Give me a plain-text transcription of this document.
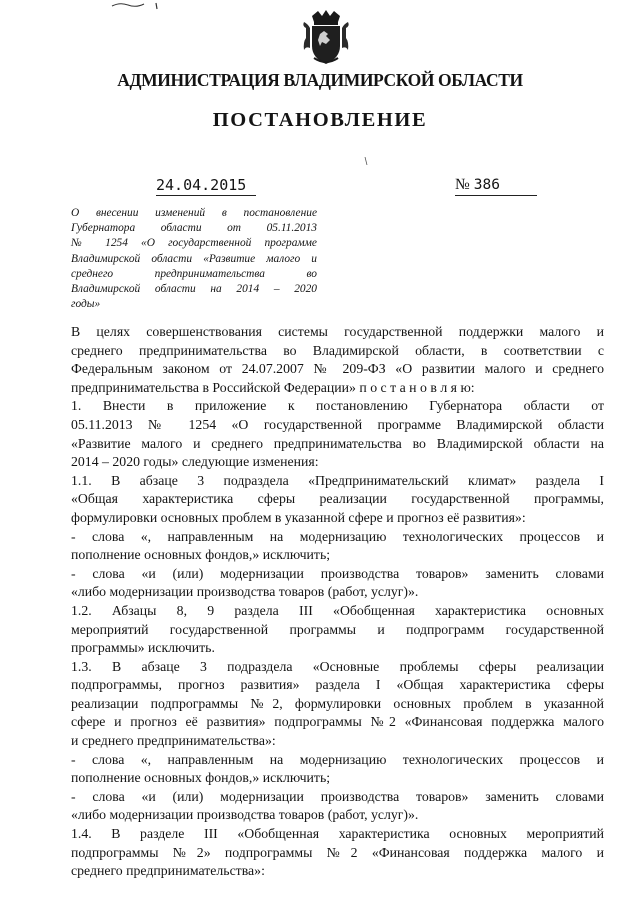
АДМИНИСТРАЦИЯ ВЛАДИМИРСКОЙ ОБЛАСТИ
ПОСТАНОВЛЕНИЕ
24.04.2015	№ 386
О внесении изменений в постановление
Губернатора области от 05.11.2013
№ 1254 «О государственной программе
Владимирской области «Развитие малого и
среднего предпринимательства во
Владимирской области на 2014 – 2020
годы»
В целях совершенствования системы государственной поддержки малого и
среднего предпринимательства во Владимирской области, в соответствии с
Федеральным законом от 24.07.2007 № 209-ФЗ «О развитии малого и среднего
предпринимательства в Российской Федерации» п о с т а н о в л я ю:
1. Внести в приложение к постановлению Губернатора области от
05.11.2013 № 1254 «О государственной программе Владимирской области
«Развитие малого и среднего предпринимательства во Владимирской области на
2014 – 2020 годы» следующие изменения:
1.1. В абзаце 3 подраздела «Предпринимательский климат» раздела I
«Общая характеристика сферы реализации государственной программы,
формулировки основных проблем в указанной сфере и прогноз её развития»:
- слова «, направленным на модернизацию технологических процессов и
пополнение основных фондов,» исключить;
- слова «и (или) модернизации производства товаров» заменить словами
«либо модернизации производства товаров (работ, услуг)».
1.2. Абзацы 8, 9 раздела III «Обобщенная характеристика основных
мероприятий государственной программы и подпрограмм государственной
программы» исключить.
1.3. В абзаце 3 подраздела «Основные проблемы сферы реализации
подпрограммы, прогноз развития» раздела I «Общая характеристика сферы
реализации подпрограммы №2, формулировки основных проблем в указанной
сфере и прогноз её развития» подпрограммы №2 «Финансовая поддержка малого
и среднего предпринимательства»:
- слова «, направленным на модернизацию технологических процессов и
пополнение основных фондов,» исключить;
- слова «и (или) модернизации производства товаров» заменить словами
«либо модернизации производства товаров (работ, услуг)».
1.4. В разделе III «Обобщенная характеристика основных мероприятий
подпрограммы №2» подпрограммы №2 «Финансовая поддержка малого и
среднего предпринимательства»:
